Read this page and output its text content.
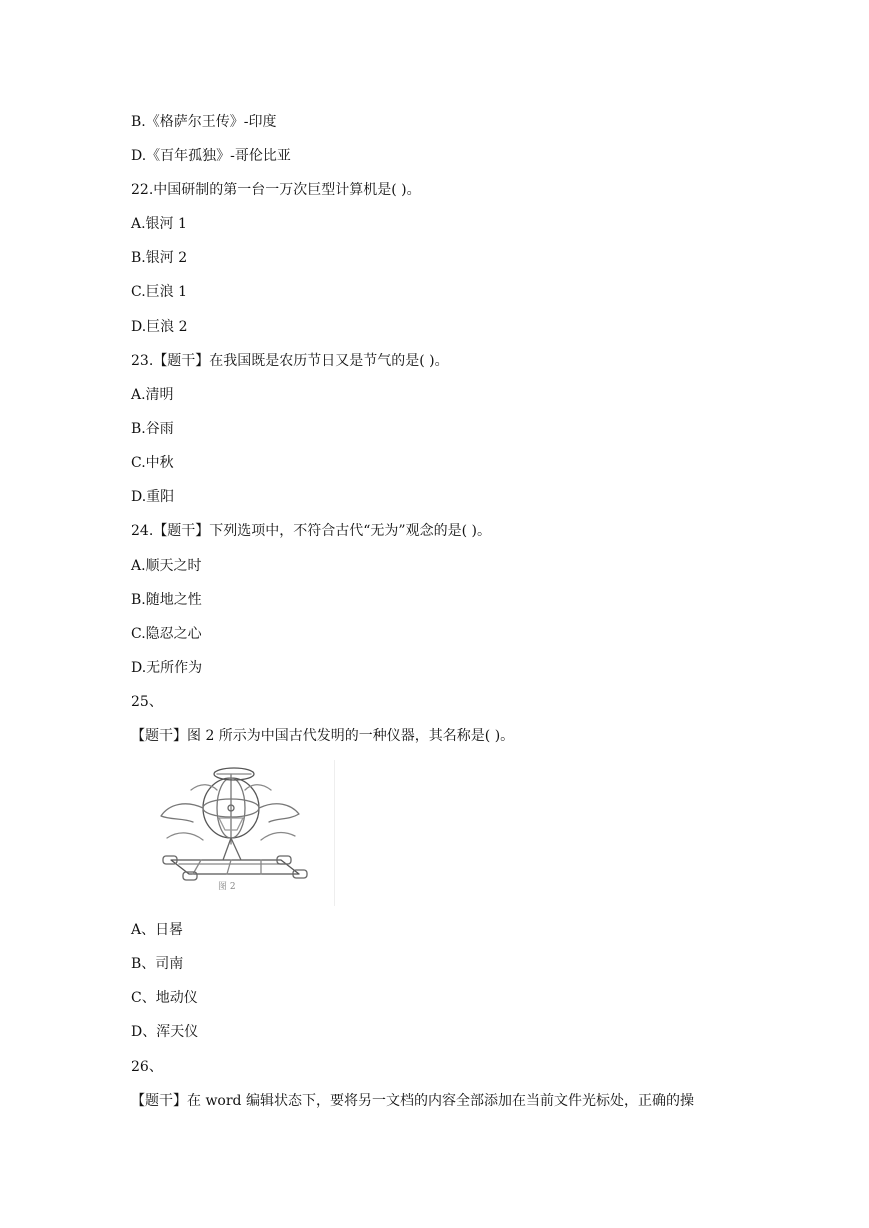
B.《格萨尔王传》-印度
D.《百年孤独》-哥伦比亚
22.中国研制的第一台一万次巨型计算机是( )。
A.银河 1
B.银河 2
C.巨浪 1
D.巨浪 2
23.【题干】在我国既是农历节日又是节气的是( )。
A.清明
B.谷雨
C.中秋
D.重阳
24.【题干】下列选项中，不符合古代“无为”观念的是( )。
A.顺天之时
B.随地之性
C.隐忍之心
D.无所作为
25、
【题干】图 2 所示为中国古代发明的一种仪器，其名称是( )。
图 2
A、日晷
B、司南
C、地动仪
D、浑天仪
26、
【题干】在 word 编辑状态下，要将另一文档的内容全部添加在当前文件光标处，正确的操
